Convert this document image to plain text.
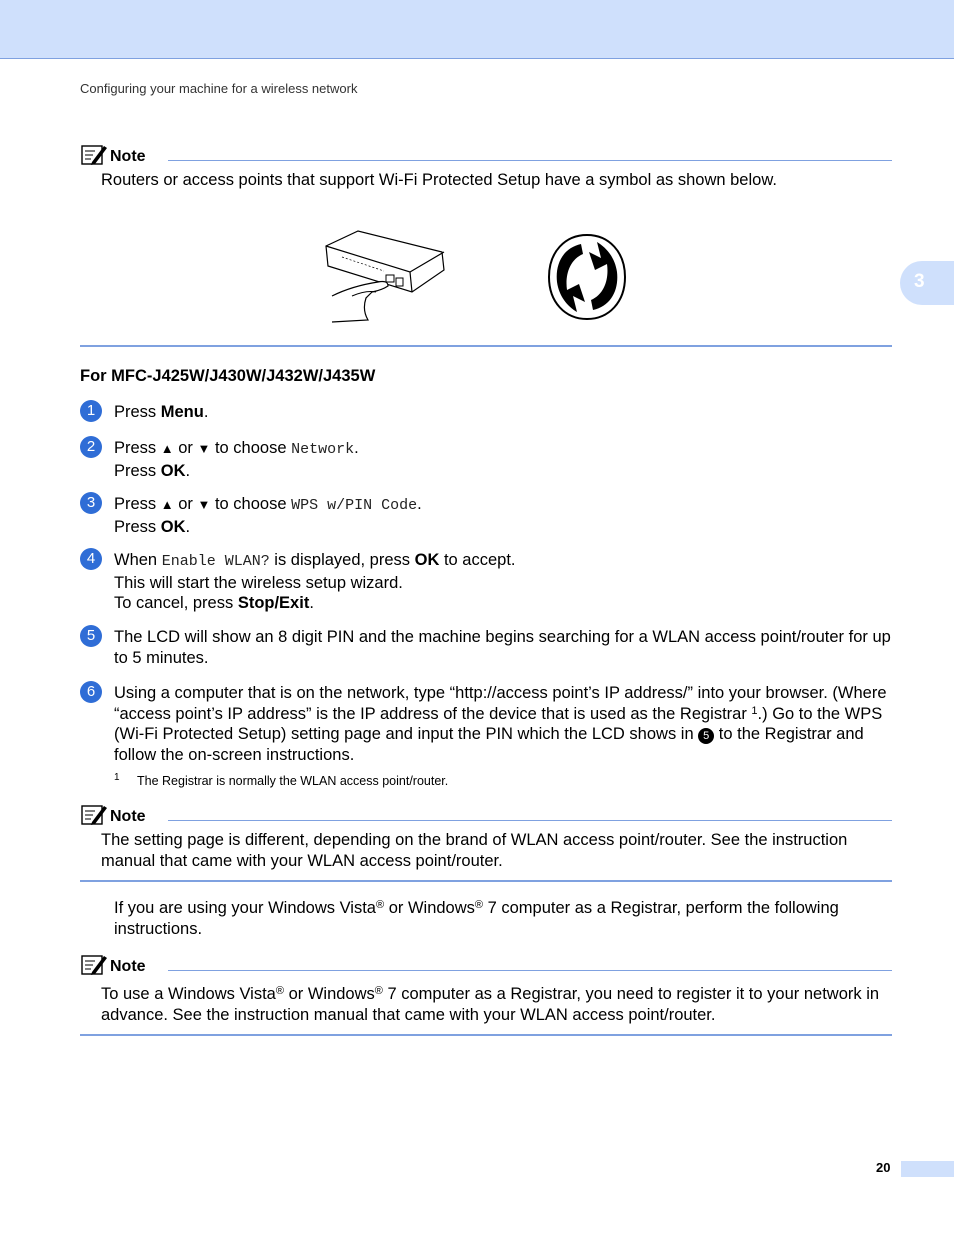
Configuring your machine for a wireless network
3
Note
Routers or access points that support Wi-Fi Protected Setup have a symbol as shown below.
For MFC-J425W/J430W/J432W/J435W
1	Press Menu.
2	Press ▲ or ▼ to choose Network.
Press OK.
3	Press ▲ or ▼ to choose WPS w/PIN Code.
Press OK.
4	When Enable WLAN? is displayed, press OK to accept.
This will start the wireless setup wizard.
To cancel, press Stop/Exit.
5	The LCD will show an 8 digit PIN and the machine begins searching for a WLAN access point/router for up to 5 minutes.
6	Using a computer that is on the network, type “http://access point’s IP address/” into your browser. (Where “access point’s IP address” is the IP address of the device that is used as the Registrar $^1$.) Go to the WPS (Wi-Fi Protected Setup) setting page and input the PIN which the LCD shows in 5 to the Registrar and follow the on-screen instructions.
1 The Registrar is normally the WLAN access point/router.
Note
The setting page is different, depending on the brand of WLAN access point/router. See the instruction manual that came with your WLAN access point/router.
If you are using your Windows Vista® or Windows® 7 computer as a Registrar, perform the following instructions.
Note
To use a Windows Vista® or Windows® 7 computer as a Registrar, you need to register it to your network in advance. See the instruction manual that came with your WLAN access point/router.
20
